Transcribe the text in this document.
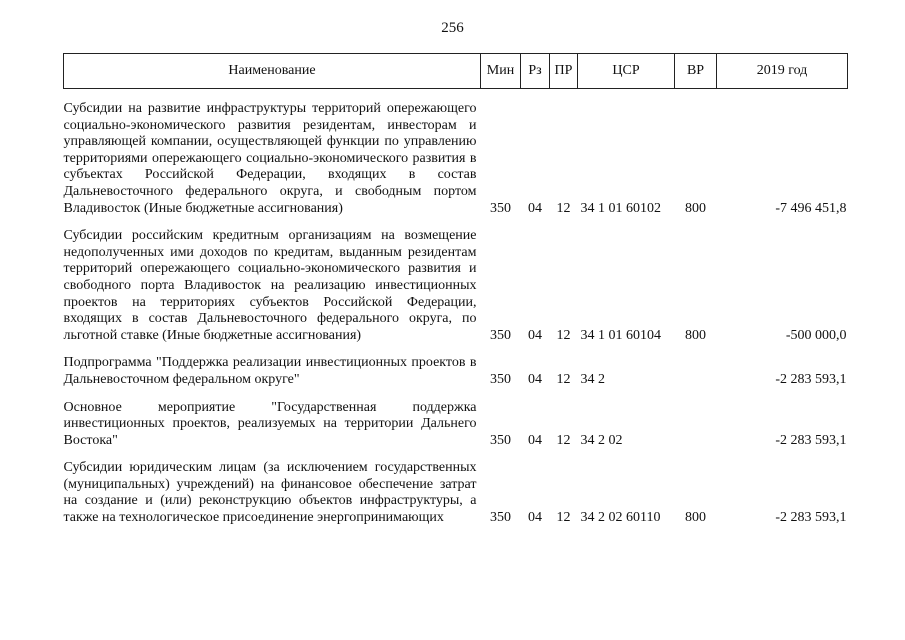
256
Наименование	Мин	Рз	ПР	ЦСР	ВР	2019 год
Субсидии на развитие инфраструктуры территорий опережающего социально-экономического развития резидентам, инвесторам и управляющей компании, осуществляющей функции по управлению территориями опережающего социально-экономического развития в субъектах Российской Федерации, входящих в состав Дальневосточного федерального округа, и свободным портом Владивосток (Иные бюджетные ассигнования)	350	04	12	34 1 01 60102	800	-7 496 451,8
Субсидии российским кредитным организациям на возмещение недополученных ими доходов по кредитам, выданным резидентам территорий опережающего социально-экономического развития и свободного порта Владивосток на реализацию инвестиционных проектов на территориях субъектов Российской Федерации, входящих в состав Дальневосточного федерального округа, по льготной ставке (Иные бюджетные ассигнования)	350	04	12	34 1 01 60104	800	-500 000,0
Подпрограмма "Поддержка реализации инвестиционных проектов в Дальневосточном федеральном округе"	350	04	12	34 2		-2 283 593,1
Основное мероприятие "Государственная поддержка инвестиционных проектов, реализуемых на территории Дальнего Востока"	350	04	12	34 2 02		-2 283 593,1
Субсидии юридическим лицам (за исключением государственных (муниципальных) учреждений) на финансовое обеспечение затрат на создание и (или) реконструкцию объектов инфраструктуры, а также на технологическое присоединение энергопринимающих	350	04	12	34 2 02 60110	800	-2 283 593,1
